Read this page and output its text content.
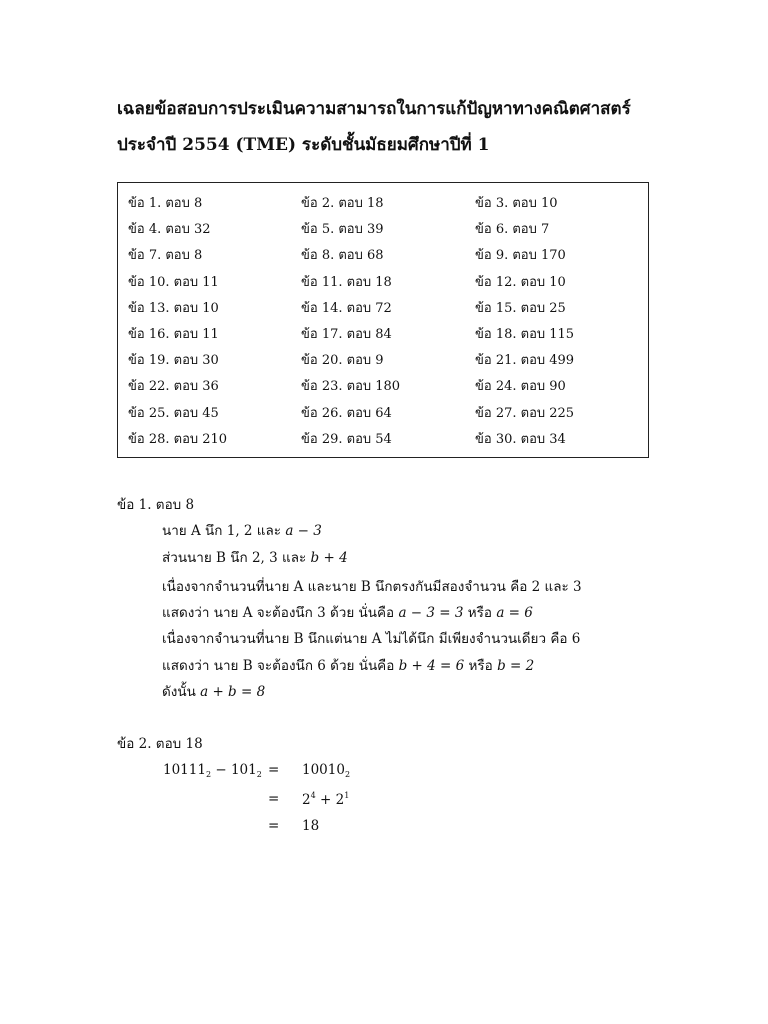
เฉลยข้อสอบการประเมินความสามารถในการแก้ปัญหาทางคณิตศาสตร์
ประจำปี 2554 (TME) ระดับชั้นมัธยมศึกษาปีที่ 1
ข้อ 1. ตอบ 8	ข้อ 2. ตอบ 18	ข้อ 3. ตอบ 10
ข้อ 4. ตอบ 32	ข้อ 5. ตอบ 39	ข้อ 6. ตอบ 7
ข้อ 7. ตอบ 8	ข้อ 8. ตอบ 68	ข้อ 9. ตอบ 170
ข้อ 10. ตอบ 11	ข้อ 11. ตอบ 18	ข้อ 12. ตอบ 10
ข้อ 13. ตอบ 10	ข้อ 14. ตอบ 72	ข้อ 15. ตอบ 25
ข้อ 16. ตอบ 11	ข้อ 17. ตอบ 84	ข้อ 18. ตอบ 115
ข้อ 19. ตอบ 30	ข้อ 20. ตอบ 9	ข้อ 21. ตอบ 499
ข้อ 22. ตอบ 36	ข้อ 23. ตอบ 180	ข้อ 24. ตอบ 90
ข้อ 25. ตอบ 45	ข้อ 26. ตอบ 64	ข้อ 27. ตอบ 225
ข้อ 28. ตอบ 210	ข้อ 29. ตอบ 54	ข้อ 30. ตอบ 34
ข้อ 1. ตอบ 8
นาย A นึก 1, 2 และ a − 3
ส่วนนาย B นึก 2, 3 และ b + 4
เนื่องจากจำนวนที่นาย A และนาย B นึกตรงกันมีสองจำนวน คือ 2 และ 3
แสดงว่า นาย A จะต้องนึก 3 ด้วย นั่นคือ a − 3 = 3 หรือ a = 6
เนื่องจากจำนวนที่นาย B นึกแต่นาย A ไม่ได้นึก มีเพียงจำนวนเดียว คือ 6
แสดงว่า นาย B จะต้องนึก 6 ด้วย นั่นคือ b + 4 = 6 หรือ b = 2
ดังนั้น a + b = 8
ข้อ 2. ตอบ 18
$10111_2 - 101_2 = 10010_2$
= $2^4 + 2^1$
= 18
